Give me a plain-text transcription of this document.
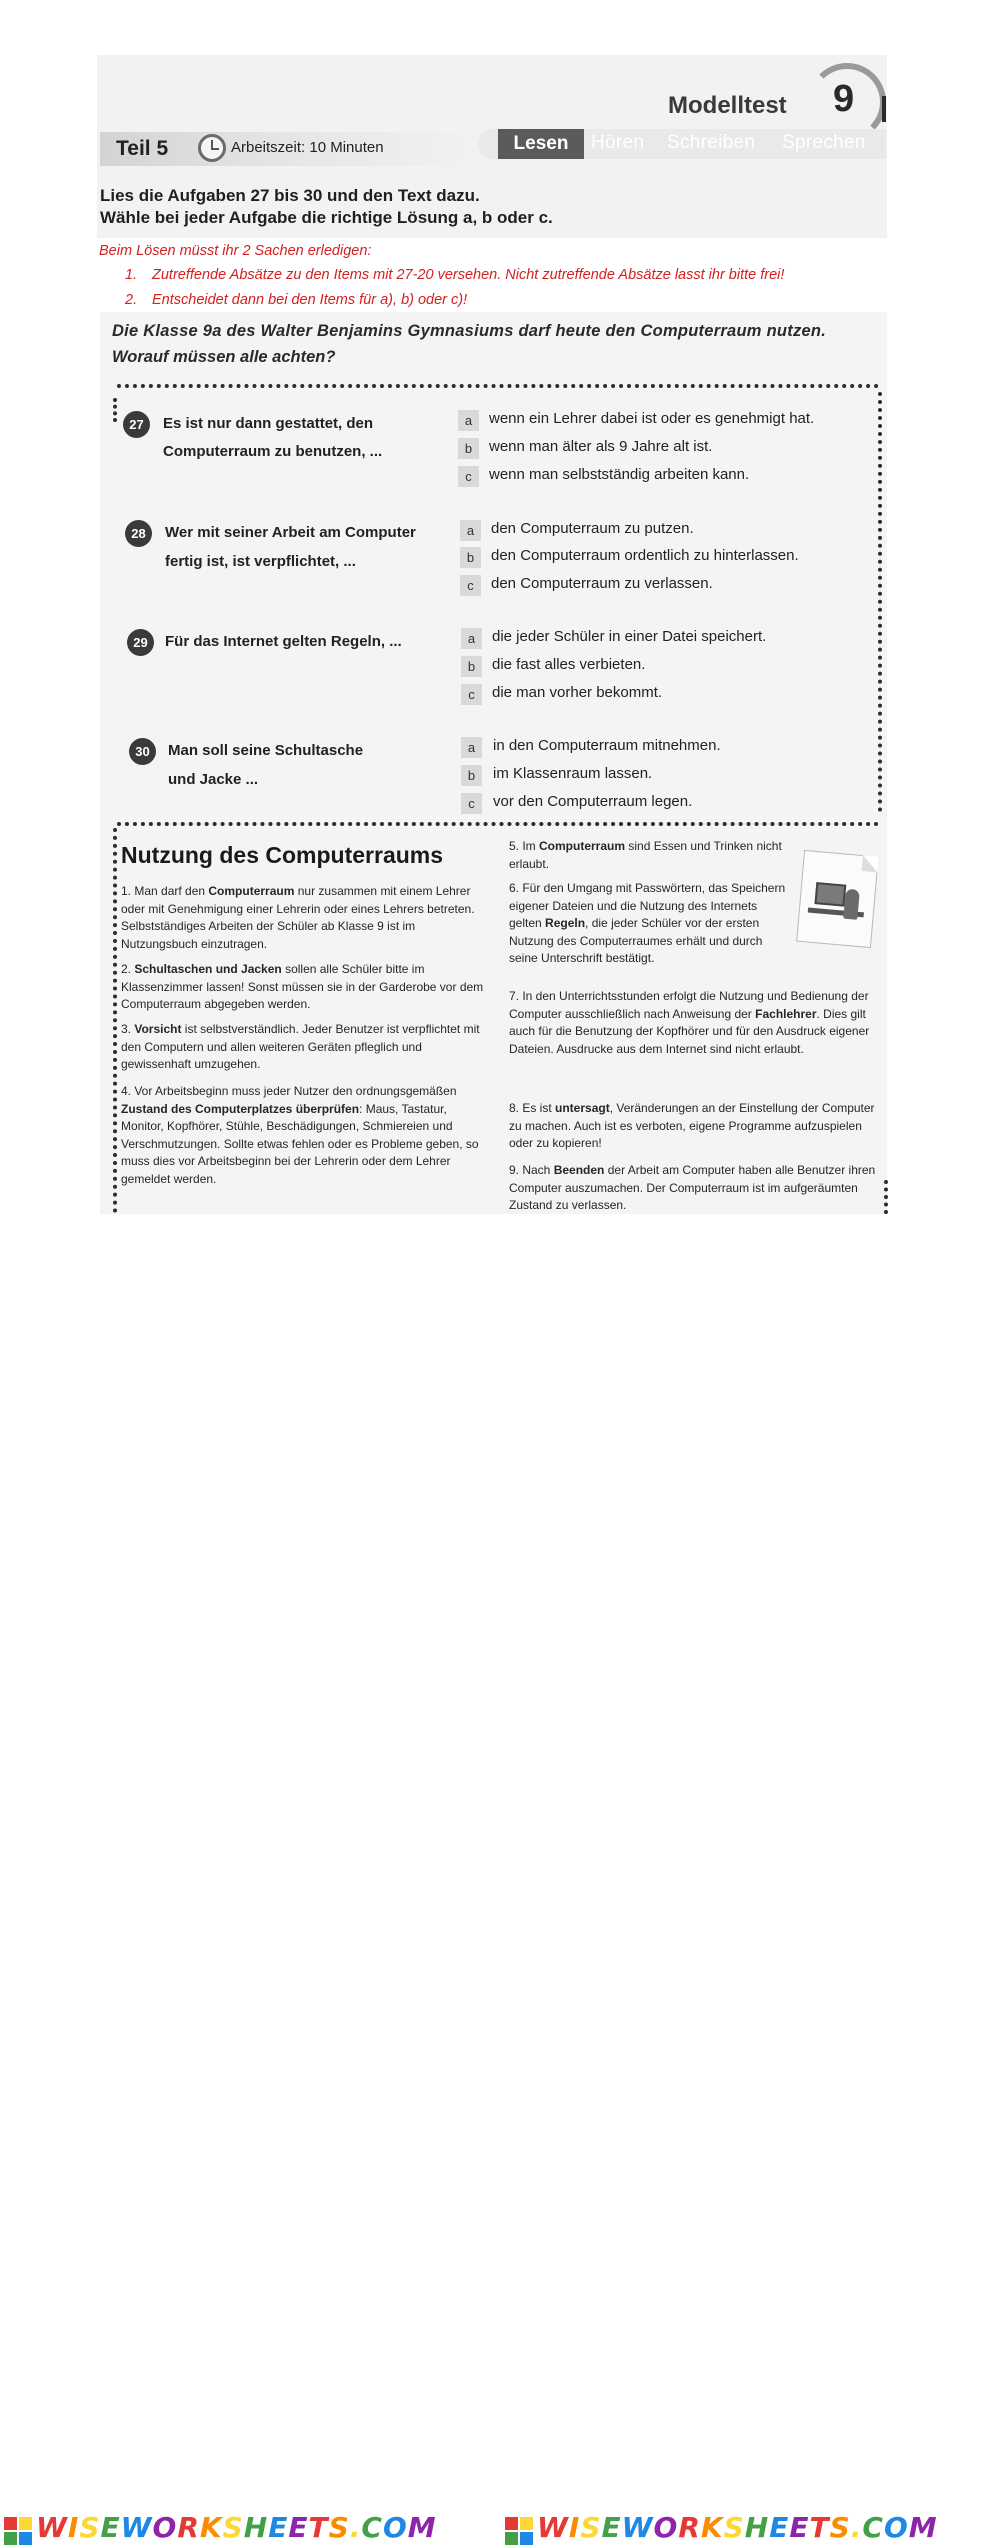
Modelltest 9
Teil 5	Arbeitszeit: 10 Minuten	Lesen	Hören Schreiben Sprechen
Lies die Aufgaben 27 bis 30 und den Text dazu.
Wähle bei jeder Aufgabe die richtige Lösung a, b oder c.
Beim Lösen müsst ihr 2 Sachen erledigen:
1. Zutreffende Absätze zu den Items mit 27-20 versehen. Nicht zutreffende Absätze lasst ihr bitte frei!
2. Entscheidet dann bei den Items für a), b) oder c)!
Die Klasse 9a des Walter Benjamins Gymnasiums darf heute den Computerraum nutzen.
Worauf müssen alle achten?
27	Es ist nur dann gestattet, den
Computerraum zu benutzen, ...
a	wenn ein Lehrer dabei ist oder es genehmigt hat.
b	wenn man älter als 9 Jahre alt ist.
c	wenn man selbstständig arbeiten kann.
28	Wer mit seiner Arbeit am Computer
fertig ist, ist verpflichtet, ...
a	den Computerraum zu putzen.
b	den Computerraum ordentlich zu hinterlassen.
c	den Computerraum zu verlassen.
29	Für das Internet gelten Regeln, ...	a	die jeder Schüler in einer Datei speichert.
b	die fast alles verbieten.
c	die man vorher bekommt.
30	Man soll seine Schultasche
und Jacke ...
a	in den Computerraum mitnehmen.
b	im Klassenraum lassen.
c	vor den Computerraum legen.
Nutzung des Computerraums
1. Man darf den Computerraum nur zusammen mit einem Lehrer oder mit Genehmigung einer Lehrerin oder eines Lehrers betreten. Selbstständiges Arbeiten der Schüler ab Klasse 9 ist im Nutzungsbuch einzutragen.
2. Schultaschen und Jacken sollen alle Schüler bitte im Klassenzimmer lassen! Sonst müssen sie in der Garderobe vor dem Computerraum abgegeben werden.
3. Vorsicht ist selbstverständlich. Jeder Benutzer ist verpflichtet mit den Computern und allen weiteren Geräten pfleglich und gewissenhaft umzugehen.
4. Vor Arbeitsbeginn muss jeder Nutzer den ordnungsgemäßen Zustand des Computerplatzes überprüfen: Maus, Tastatur, Monitor, Kopfhörer, Stühle, Beschädigungen, Schmiereien und Verschmutzungen. Sollte etwas fehlen oder es Probleme geben, so muss dies vor Arbeitsbeginn bei der Lehrerin oder dem Lehrer gemeldet werden.
5. Im Computerraum sind Essen und Trinken nicht erlaubt.
6. Für den Umgang mit Passwörtern, das Speichern eigener Dateien und die Nutzung des Internets gelten Regeln, die jeder Schüler vor der ersten Nutzung des Computerraumes erhält und durch seine Unterschrift bestätigt.
7. In den Unterrichtsstunden erfolgt die Nutzung und Bedienung der Computer ausschließlich nach Anweisung der Fachlehrer. Dies gilt auch für die Benutzung der Kopfhörer und für den Ausdruck eigener Dateien. Ausdrucke aus dem Internet sind nicht erlaubt.
8. Es ist untersagt, Veränderungen an der Einstellung der Computer zu machen. Auch ist es verboten, eigene Programme aufzuspielen oder zu kopieren!
9. Nach Beenden der Arbeit am Computer haben alle Benutzer ihren Computer auszumachen. Der Computerraum ist im aufgeräumten Zustand zu verlassen.
WISEWORKSHEETS.COM	WISEWORKSHEETS.COM
